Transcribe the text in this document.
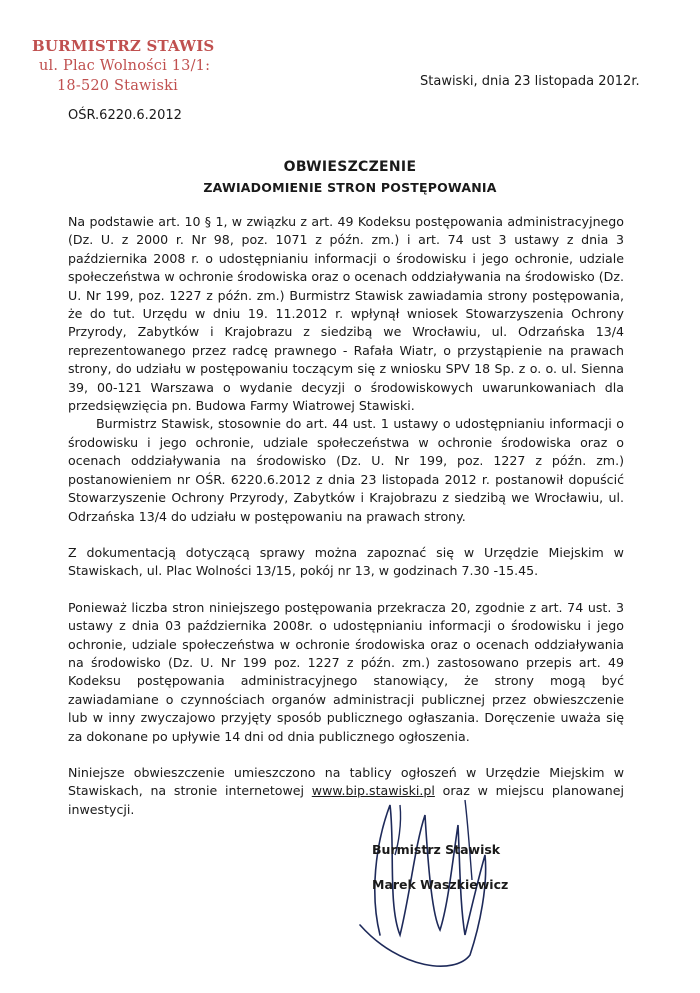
BURMISTRZ STAWIS
ul. Plac Wolności 13/1:
18-520 Stawiski	Stawiski, dnia 23 listopada 2012r.
OŚR.6220.6.2012
OBWIESZCZENIE
ZAWIADOMIENIE STRON POSTĘPOWANIA

Na podstawie art. 10 § 1, w związku z art. 49 Kodeksu postępowania administracyjnego (Dz. U. z 2000 r. Nr 98, poz. 1071 z późn. zm.) i art. 74 ust 3 ustawy z dnia 3 października 2008 r. o udostępnianiu informacji o środowisku i jego ochronie, udziale społeczeństwa w ochronie środowiska oraz o ocenach oddziaływania na środowisko (Dz. U. Nr 199, poz. 1227 z późn. zm.) Burmistrz Stawisk zawiadamia strony postępowania, że do tut. Urzędu w dniu 19. 11.2012 r. wpłynął wniosek Stowarzyszenia Ochrony Przyrody, Zabytków i Krajobrazu z siedzibą we Wrocławiu, ul. Odrzańska 13/4 reprezentowanego przez radcę prawnego - Rafała Wiatr, o przystąpienie na prawach strony, do udziału w postępowaniu toczącym się z wniosku SPV 18 Sp. z o. o. ul. Sienna 39, 00-121 Warszawa o wydanie decyzji o środowiskowych uwarunkowaniach dla przedsięwzięcia pn. Budowa Farmy Wiatrowej Stawiski.

Burmistrz Stawisk, stosownie do art. 44 ust. 1 ustawy o udostępnianiu informacji o środowisku i jego ochronie, udziale społeczeństwa w ochronie środowiska oraz o ocenach oddziaływania na środowisko (Dz. U. Nr 199, poz. 1227 z późn. zm.) postanowieniem nr OŚR. 6220.6.2012 z dnia 23 listopada 2012 r. postanowił dopuścić Stowarzyszenie Ochrony Przyrody, Zabytków i Krajobrazu z siedzibą we Wrocławiu, ul. Odrzańska 13/4 do udziału w postępowaniu na prawach strony.

Z dokumentacją dotyczącą sprawy można zapoznać się w Urzędzie Miejskim w Stawiskach, ul. Plac Wolności 13/15, pokój nr 13, w godzinach 7.30 -15.45.

Ponieważ liczba stron niniejszego postępowania przekracza 20, zgodnie z art. 74 ust. 3 ustawy z dnia 03 października 2008r. o udostępnianiu informacji o środowisku i jego ochronie, udziale społeczeństwa w ochronie środowiska oraz o ocenach oddziaływania na środowisko (Dz. U. Nr 199 poz. 1227 z późn. zm.) zastosowano przepis art. 49 Kodeksu postępowania administracyjnego stanowiący, że strony mogą być zawiadamiane o czynnościach organów administracji publicznej przez obwieszczenie lub w inny zwyczajowo przyjęty sposób publicznego ogłaszania. Doręczenie uważa się za dokonane po upływie 14 dni od dnia publicznego ogłoszenia.

Niniejsze obwieszczenie umieszczono na tablicy ogłoszeń w Urzędzie Miejskim w Stawiskach, na stronie internetowej www.bip.stawiski.pl oraz w miejscu planowanej inwestycji.

Burmistrz Stawisk
Marek Waszkiewicz
